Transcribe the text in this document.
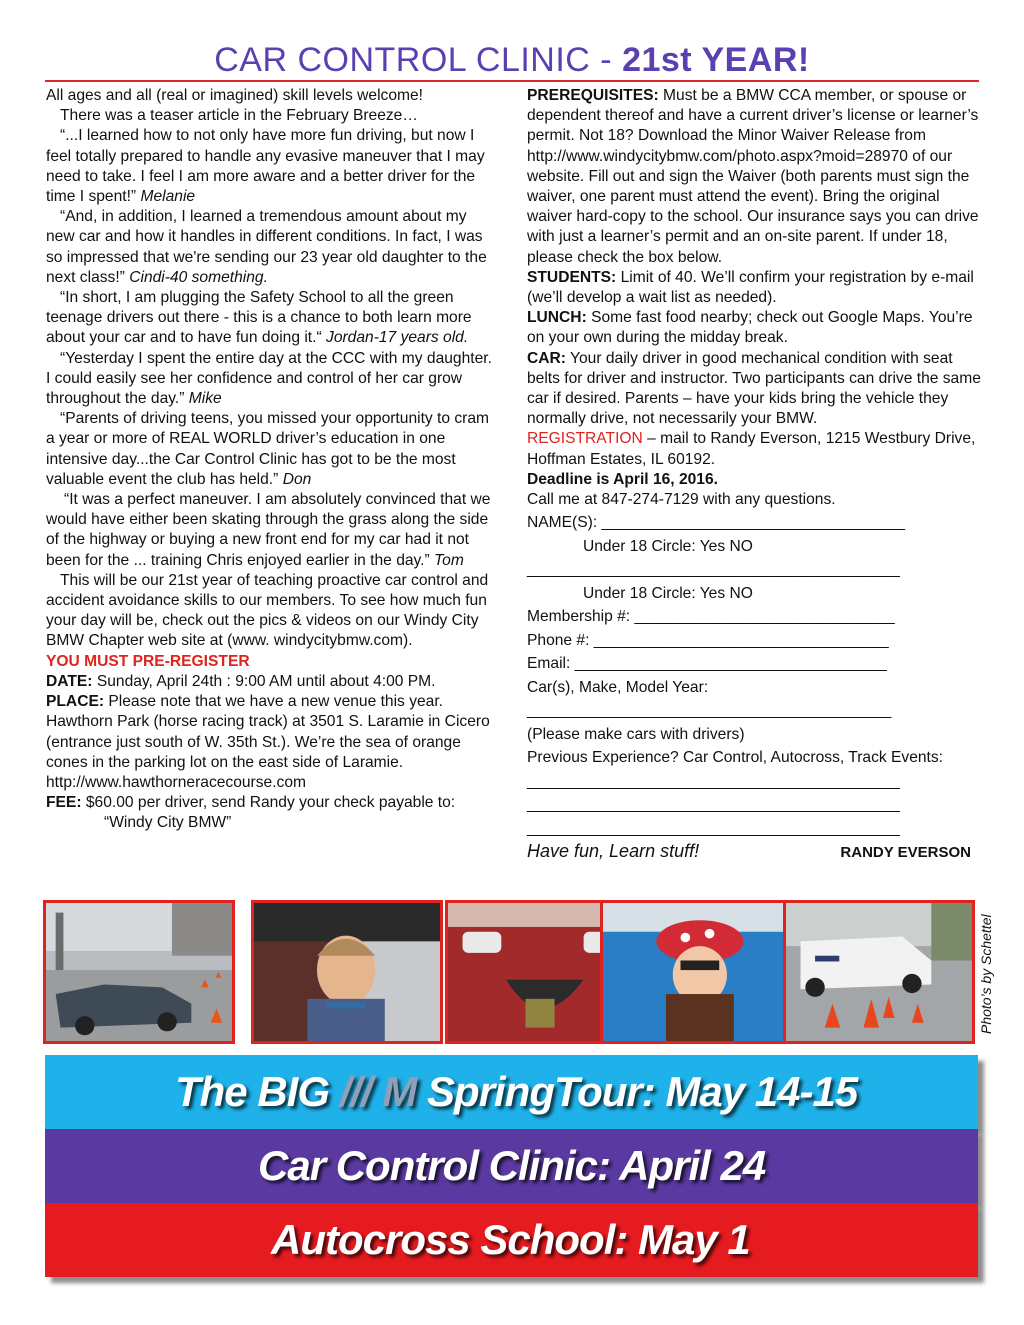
CAR CONTROL CLINIC - 21st YEAR!

All ages and all (real or imagined) skill levels welcome!

There was a teaser article in the February Breeze…

“...I learned how to not only have more fun driving, but now I feel totally prepared to handle any evasive maneuver that I may need to take. I feel I am more aware and a better driver for the time I spent!” Melanie

“And, in addition, I learned a tremendous amount about my new car and how it handles in different conditions. In fact, I was so impressed that we're sending our 23 year old daughter to the next class!” Cindi-40 something.

“In short, I am plugging the Safety School to all the green teenage drivers out there - this is a chance to both learn more about your car and to have fun doing it.“ Jordan-17 years old.

“Yesterday I spent the entire day at the CCC with my daughter. I could easily see her confidence and control of her car grow throughout the day.” Mike

“Parents of driving teens, you missed your opportunity to cram a year or more of REAL WORLD driver’s education in one intensive day...the Car Control Clinic has got to be the most valuable event the club has held.” Don

“It was a perfect maneuver. I am absolutely convinced that we would have either been skating through the grass along the side of the highway or buying a new front end for my car had it not been for the ... training Chris enjoyed earlier in the day.” Tom

This will be our 21st year of teaching proactive car control and accident avoidance skills to our members. To see how much fun your day will be, check out the pics & videos on our Windy City BMW Chapter web site at (www. windycitybmw.com).

YOU MUST PRE-REGISTER

DATE: Sunday, April 24th : 9:00 AM until about 4:00 PM.

PLACE: Please note that we have a new venue this year. Hawthorn Park (horse racing track) at 3501 S. Laramie in Cicero (entrance just south of W. 35th St.). We’re the sea of orange cones in the parking lot on the east side of Laramie. http://www.hawthorneracecourse.com

FEE: $60.00 per driver, send Randy your check payable to: “Windy City BMW”

PREREQUISITES: Must be a BMW CCA member, or spouse or dependent thereof and have a current driver’s license or learner’s permit. Not 18? Download the Minor Waiver Release from http://www.windycitybmw.com/photo.aspx?moid=28970 of our website. Fill out and sign the Waiver (both parents must sign the waiver, one parent must attend the event). Bring the original waiver hard-copy to the school. Our insurance says you can drive with just a learner’s permit and an on-site parent. If under 18, please check the box below.

STUDENTS: Limit of 40. We’ll confirm your registration by e-mail (we’ll develop a wait list as needed).

LUNCH: Some fast food nearby; check out Google Maps. You’re on your own during the midday break.

CAR: Your daily driver in good mechanical condition with seat belts for driver and instructor. Two participants can drive the same car if desired. Parents – have your kids bring the vehicle they normally drive, not necessarily your BMW.

REGISTRATION – mail to Randy Everson, 1215 Westbury Drive, Hoffman Estates, IL 60192.

Deadline is April 16, 2016.

Call me at 847-274-7129 with any questions.

NAME(S): ___________________________________

Under 18 Circle: Yes NO

___________________________________________

Under 18 Circle: Yes NO

Membership #: ______________________________

Phone #: __________________________________

Email: ____________________________________

Car(s), Make, Model Year:

__________________________________________

(Please make cars with drivers)

Previous Experience? Car Control, Autocross, Track Events:

___________________________________________

___________________________________________

___________________________________________

Have fun, Learn stuff!	RANDY EVERSON

Photo’s by Schettel
The BIG /// M SpringTour: May 14-15
Car Control Clinic: April 24
Autocross School: May 1
